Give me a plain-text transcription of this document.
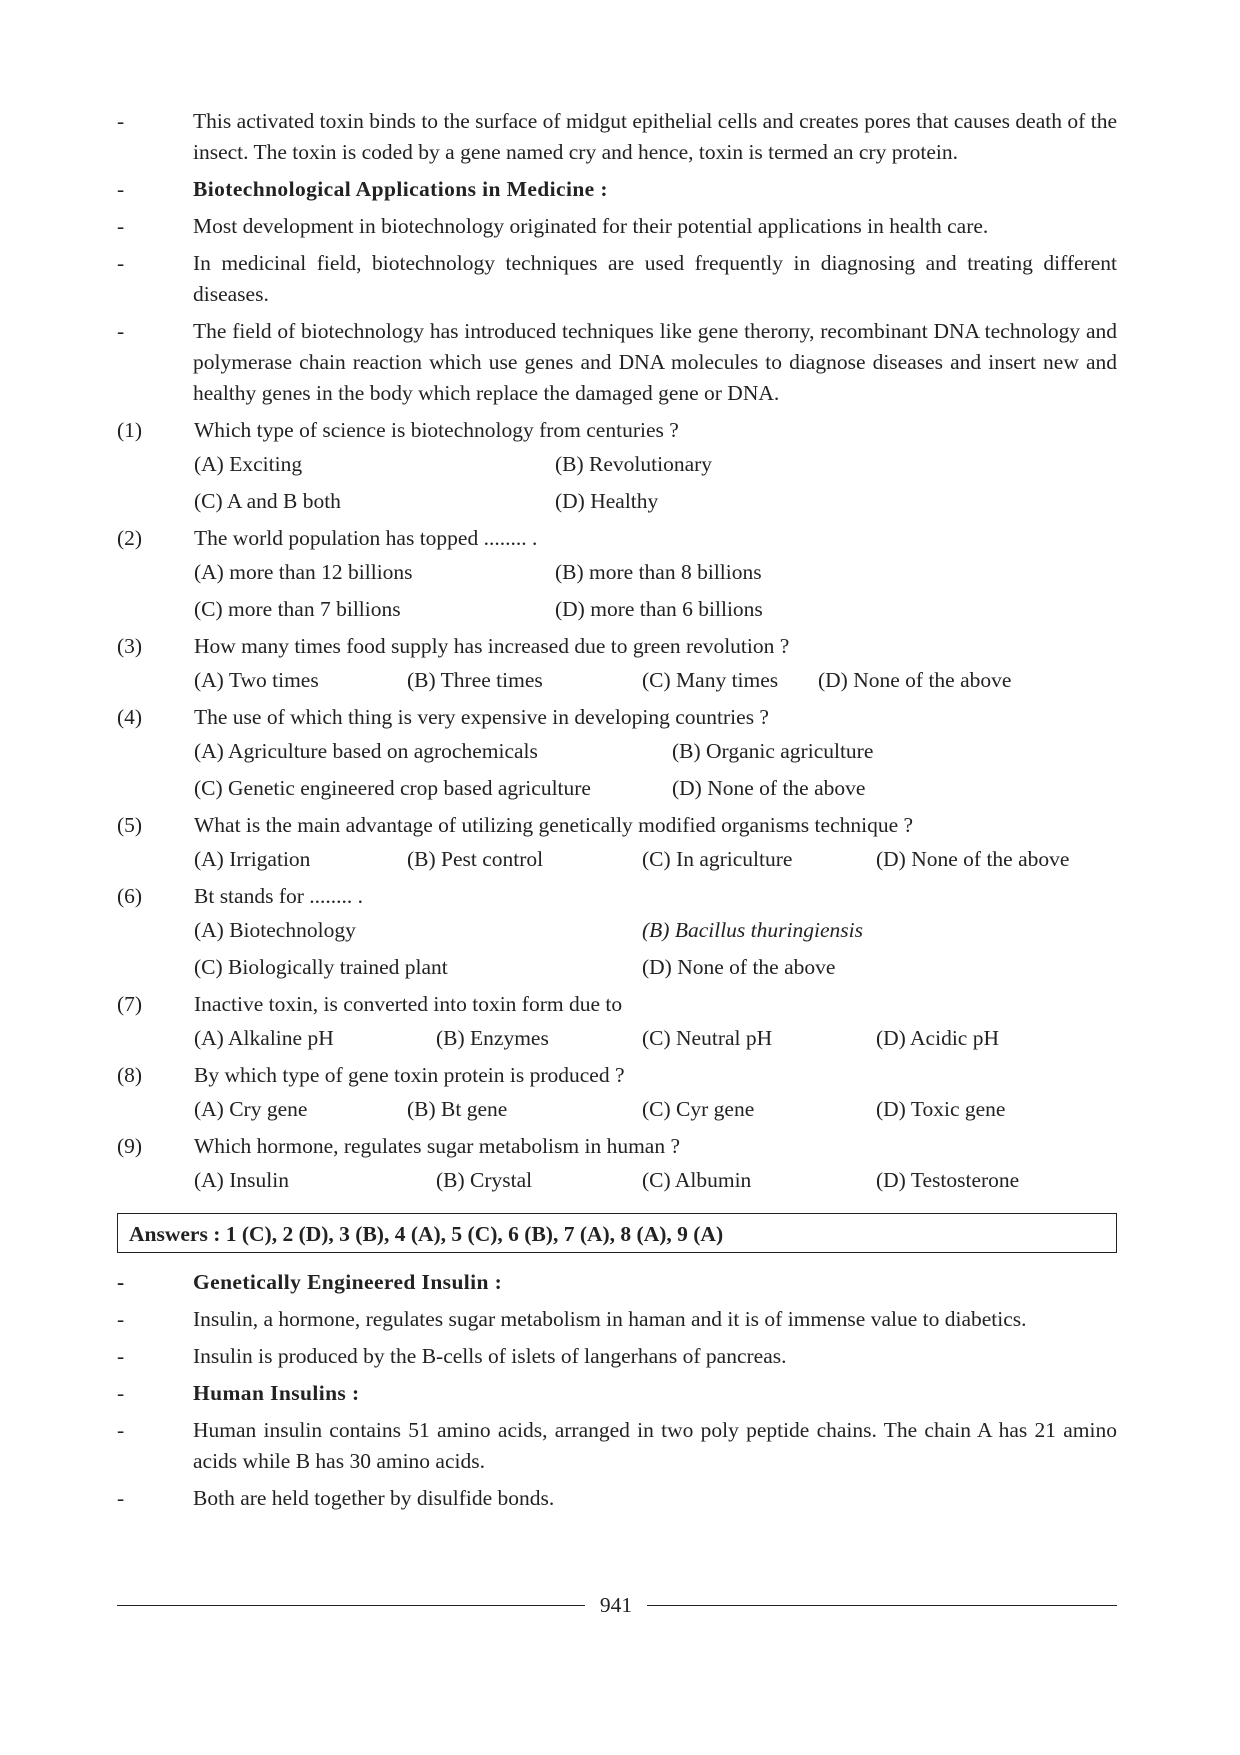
-	This activated toxin binds to the surface of midgut epithelial cells and creates pores that causes death of the insect. The toxin is coded by a gene named cry and hence, toxin is termed an cry protein.
-	Biotechnological Applications in Medicine :
-	Most development in biotechnology originated for their potential applications in health care.
-	In medicinal field, biotechnology techniques are used frequently in diagnosing and treating different diseases.
-	The field of biotechnology has introduced techniques like gene therопy, recombinant DNA technology and polymerase chain reaction which use genes and DNA molecules to diagnose diseases and insert new and healthy genes in the body which replace the damaged gene or DNA.
(1) Which type of science is biotechnology from centuries ?
(A) Exciting	(B) Revolutionary
(C) A and B both	(D) Healthy
(2) The world population has topped ........ .
(A) more than 12 billions	(B) more than 8 billions
(C) more than 7 billions	(D) more than 6 billions
(3) How many times food supply has increased due to green revolution ?
(A) Two times	(B) Three times	(C) Many times (D) None of the above
(4) The use of which thing is very expensive in developing countries ?
(A) Agriculture based on agrochemicals	(B) Organic agriculture
(C) Genetic engineered crop based agriculture	(D) None of the above
(5) What is the main advantage of utilizing genetically modified organisms technique ?
(A) Irrigation	(B) Pest control	(C) In agriculture	(D) None of the above
(6) Bt stands for ........ .
(A) Biotechnology	(B) Bacillus thuringiensis
(C) Biologically trained plant	(D) None of the above
(7) Inactive toxin, is converted into toxin form due to
(A) Alkaline pH	(B) Enzymes	(C) Neutral pH	(D) Acidic pH
(8) By which type of gene toxin protein is produced ?
(A) Cry gene	(B) Bt gene	(C) Cyr gene	(D) Toxic gene
(9) Which hormone, regulates sugar metabolism in human ?
(A) Insulin	(B) Crystal	(C) Albumin	(D) Testosterone
Answers : 1 (C), 2 (D), 3 (B), 4 (A), 5 (C), 6 (B), 7 (A), 8 (A), 9 (A)
-	Genetically Engineered Insulin :
-	Insulin, a hormone, regulates sugar metabolism in haman and it is of immense value to diabetics.
-	Insulin is produced by the B-cells of islets of langerhans of pancreas.
-	Human Insulins :
-	Human insulin contains 51 amino acids, arranged in two poly peptide chains. The chain A has 21 amino acids while B has 30 amino acids.
-	Both are held together by disulfide bonds.
941
